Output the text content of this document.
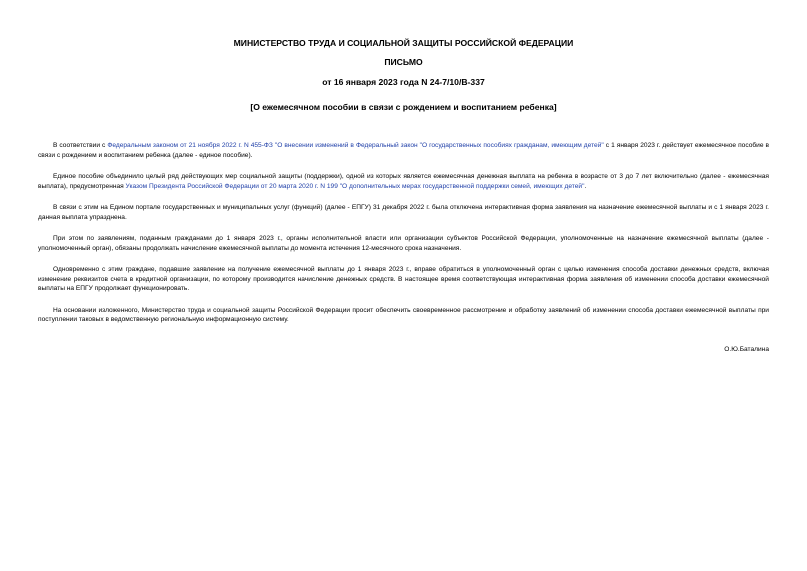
МИНИСТЕРСТВО ТРУДА И СОЦИАЛЬНОЙ ЗАЩИТЫ РОССИЙСКОЙ ФЕДЕРАЦИИ
ПИСЬМО
от 16 января 2023 года N 24-7/10/В-337
[О ежемесячном пособии в связи с рождением и воспитанием ребенка]

В соответствии с Федеральным законом от 21 ноября 2022 г. N 455-ФЗ "О внесении изменений в Федеральный закон "О государственных пособиях гражданам, имеющим детей" с 1 января 2023 г. действует ежемесячное пособие в связи с рождением и воспитанием ребенка (далее - единое пособие).

Единое пособие объединило целый ряд действующих мер социальной защиты (поддержки), одной из которых является ежемесячная денежная выплата на ребенка в возрасте от 3 до 7 лет включительно (далее - ежемесячная выплата), предусмотренная Указом Президента Российской Федерации от 20 марта 2020 г. N 199 "О дополнительных мерах государственной поддержки семей, имеющих детей".

В связи с этим на Едином портале государственных и муниципальных услуг (функций) (далее - ЕПГУ) 31 декабря 2022 г. была отключена интерактивная форма заявления на назначение ежемесячной выплаты и с 1 января 2023 г. данная выплата упразднена.

При этом по заявлениям, поданным гражданами до 1 января 2023 г., органы исполнительной власти или организации субъектов Российской Федерации, уполномоченные на назначение ежемесячной выплаты (далее - уполномоченный орган), обязаны продолжать начисление ежемесячной выплаты до момента истечения 12-месячного срока назначения.

Одновременно с этим граждане, подавшие заявление на получение ежемесячной выплаты до 1 января 2023 г., вправе обратиться в уполномоченный орган с целью изменения способа доставки денежных средств, включая изменение реквизитов счета в кредитной организации, по которому производится начисление денежных средств. В настоящее время соответствующая интерактивная форма заявления об изменении способа доставки ежемесячной выплаты на ЕПГУ продолжает функционировать.

На основании изложенного, Министерство труда и социальной защиты Российской Федерации просит обеспечить своевременное рассмотрение и обработку заявлений об изменении способа доставки ежемесячной выплаты при поступлении таковых в ведомственную региональную информационную систему.

О.Ю.Баталина
